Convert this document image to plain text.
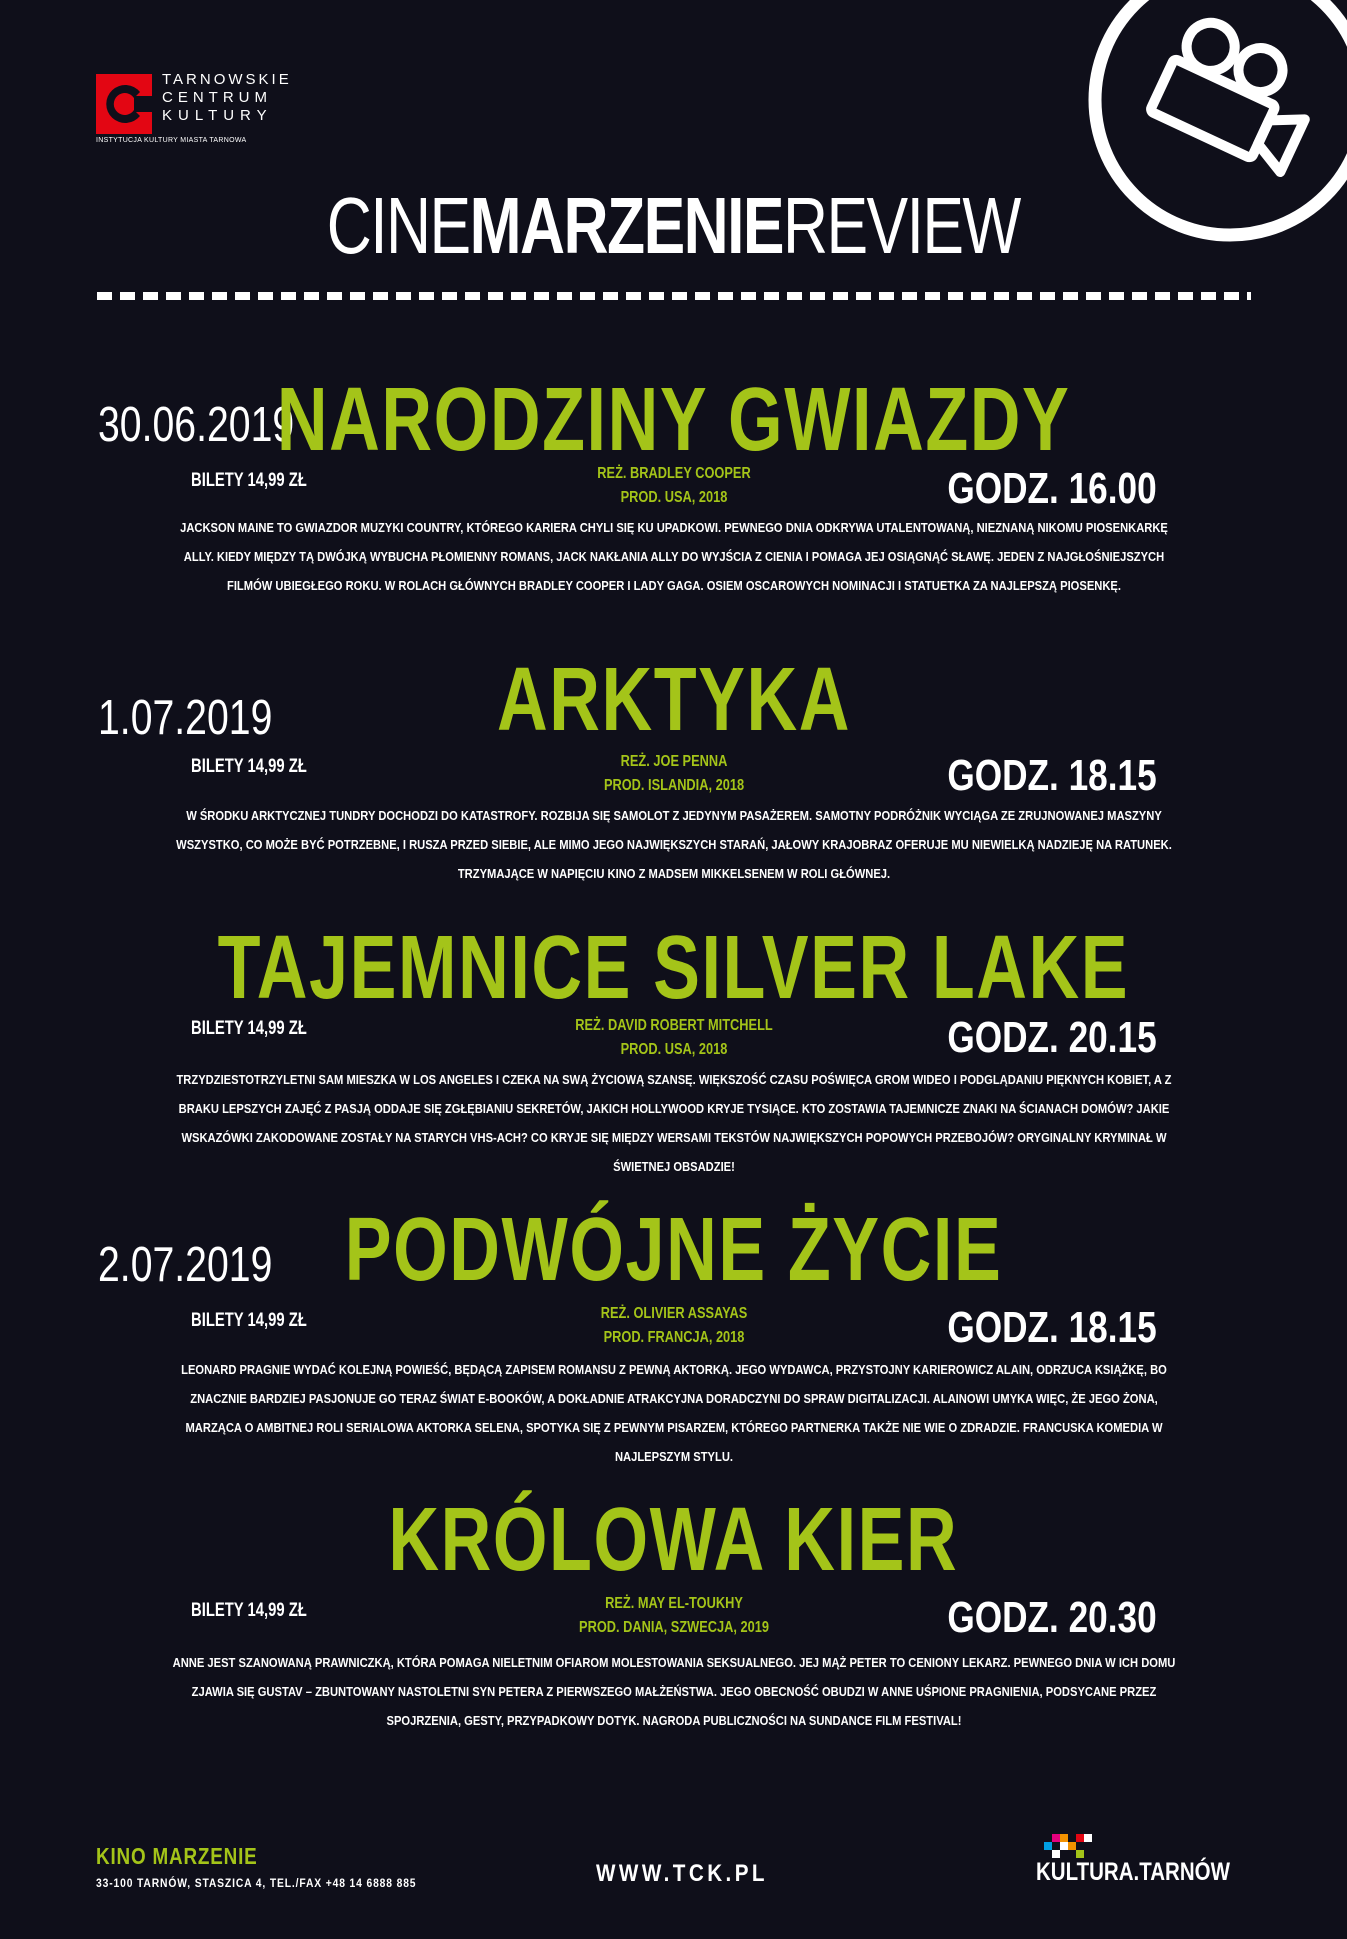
TARNOWSKIE
CENTRUM
KULTURY
INSTYTUCJA KULTURY MIASTA TARNOWA
CINEMARZENIEREVIEW
30.06.2019
NARODZINY GWIAZDY
BILETY 14,99 ZŁ	REŻ. BRADLEY COOPER
PROD. USA, 2018	GODZ. 16.00
JACKSON MAINE TO GWIAZDOR MUZYKI COUNTRY, KTÓREGO KARIERA CHYLI SIĘ KU UPADKOWI. PEWNEGO DNIA ODKRYWA UTALENTOWANĄ, NIEZNANĄ NIKOMU PIOSENKARKĘ ALLY. KIEDY MIĘDZY TĄ DWÓJKĄ WYBUCHA PŁOMIENNY ROMANS, JACK NAKŁANIA ALLY DO WYJŚCIA Z CIENIA I POMAGA JEJ OSIĄGNĄĆ SŁAWĘ. JEDEN Z NAJGŁOŚNIEJSZYCH FILMÓW UBIEGŁEGO ROKU. W ROLACH GŁÓWNYCH BRADLEY COOPER I LADY GAGA. OSIEM OSCAROWYCH NOMINACJI I STATUETKA ZA NAJLEPSZĄ PIOSENKĘ.
1.07.2019	ARKTYKA
BILETY 14,99 ZŁ	REŻ. JOE PENNA
PROD. ISLANDIA, 2018	GODZ. 18.15
W ŚRODKU ARKTYCZNEJ TUNDRY DOCHODZI DO KATASTROFY. ROZBIJA SIĘ SAMOLOT Z JEDYNYM PASAŻEREM. SAMOTNY PODRÓŻNIK WYCIĄGA ZE ZRUJNOWANEJ MASZYNY WSZYSTKO, CO MOŻE BYĆ POTRZEBNE, I RUSZA PRZED SIEBIE, ALE MIMO JEGO NAJWIĘKSZYCH STARAŃ, JAŁOWY KRAJOBRAZ OFERUJE MU NIEWIELKĄ NADZIEJĘ NA RATUNEK. TRZYMAJĄCE W NAPIĘCIU KINO Z MADSEM MIKKELSENEM W ROLI GŁÓWNEJ.
TAJEMNICE SILVER LAKE
BILETY 14,99 ZŁ	REŻ. DAVID ROBERT MITCHELL
PROD. USA, 2018	GODZ. 20.15
TRZYDZIESTOTRZYLETNI SAM MIESZKA W LOS ANGELES I CZEKA NA SWĄ ŻYCIOWĄ SZANSĘ. WIĘKSZOŚĆ CZASU POŚWIĘCA GROM WIDEO I PODGLĄDANIU PIĘKNYCH KOBIET, A Z BRAKU LEPSZYCH ZAJĘĆ Z PASJĄ ODDAJE SIĘ ZGŁĘBIANIU SEKRETÓW, JAKICH HOLLYWOOD KRYJE TYSIĄCE. KTO ZOSTAWIA TAJEMNICZE ZNAKI NA ŚCIANACH DOMÓW? JAKIE WSKAZÓWKI ZAKODOWANE ZOSTAŁY NA STARYCH VHS-ACH? CO KRYJE SIĘ MIĘDZY WERSAMI TEKSTÓW NAJWIĘKSZYCH POPOWYCH PRZEBOJÓW? ORYGINALNY KRYMINAŁ W ŚWIETNEJ OBSADZIE!
2.07.2019 PODWÓJNE ŻYCIE
BILETY 14,99 ZŁ	REŻ. OLIVIER ASSAYAS
PROD. FRANCJA, 2018	GODZ. 18.15
LEONARD PRAGNIE WYDAĆ KOLEJNĄ POWIEŚĆ, BĘDĄCĄ ZAPISEM ROMANSU Z PEWNĄ AKTORKĄ. JEGO WYDAWCA, PRZYSTOJNY KARIEROWICZ ALAIN, ODRZUCA KSIĄŻKĘ, BO ZNACZNIE BARDZIEJ PASJONUJE GO TERAZ ŚWIAT E-BOOKÓW, A DOKŁADNIE ATRAKCYJNA DORADCZYNI DO SPRAW DIGITALIZACJI. ALAINOWI UMYKA WIĘC, ŻE JEGO ŻONA, MARZĄCA O AMBITNEJ ROLI SERIALOWA AKTORKA SELENA, SPOTYKA SIĘ Z PEWNYM PISARZEM, KTÓREGO PARTNERKA TAKŻE NIE WIE O ZDRADZIE. FRANCUSKA KOMEDIA W NAJLEPSZYM STYLU.
KRÓLOWA KIER
BILETY 14,99 ZŁ	REŻ. MAY EL-TOUKHY
PROD. DANIA, SZWECJA, 2019	GODZ. 20.30
ANNE JEST SZANOWANĄ PRAWNICZKĄ, KTÓRA POMAGA NIELETNIM OFIAROM MOLESTOWANIA SEKSUALNEGO. JEJ MĄŻ PETER TO CENIONY LEKARZ. PEWNEGO DNIA W ICH DOMU ZJAWIA SIĘ GUSTAV – ZBUNTOWANY NASTOLETNI SYN PETERA Z PIERWSZEGO MAŁŻEŃSTWA. JEGO OBECNOŚĆ OBUDZI W ANNE UŚPIONE PRAGNIENIA, PODSYCANE PRZEZ SPOJRZENIA, GESTY, PRZYPADKOWY DOTYK. NAGRODA PUBLICZNOŚCI NA SUNDANCE FILM FESTIVAL!
KINO MARZENIE
33-100 TARNÓW, STASZICA 4, TEL./FAX +48 14 6888 885	WWW.TCK.PL	KULTURA.TARNÓW
